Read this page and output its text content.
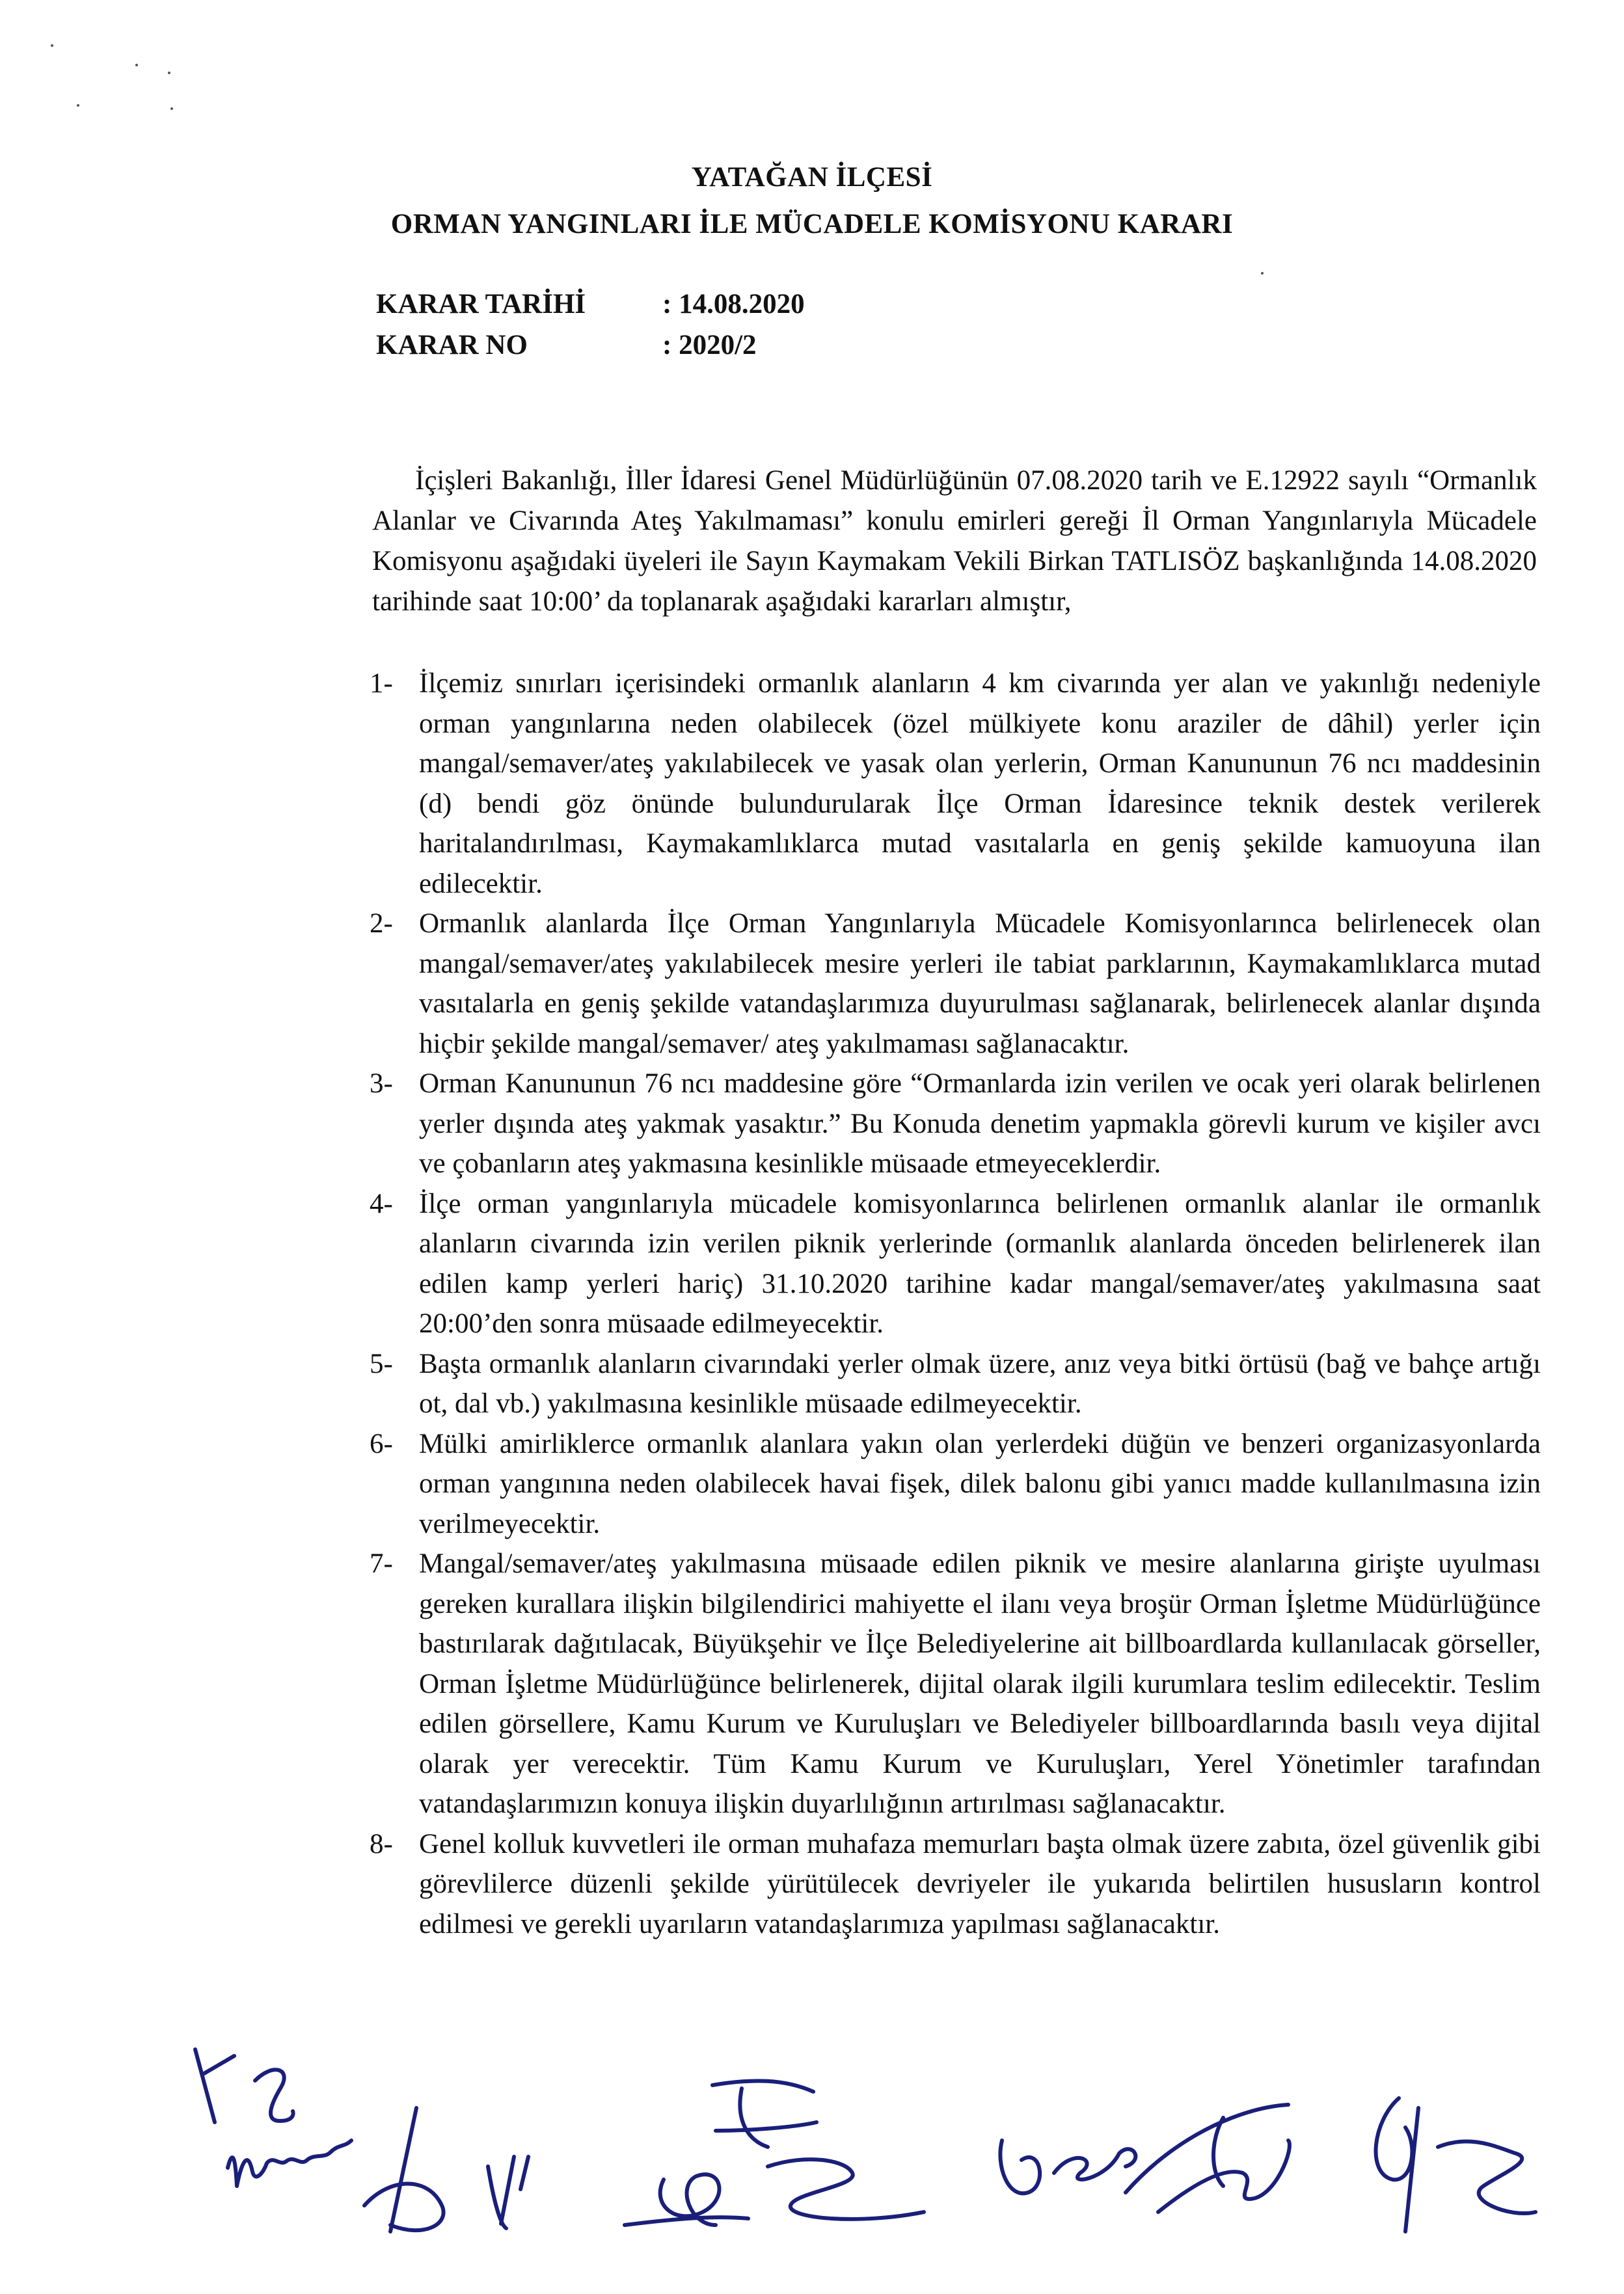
YATAĞAN İLÇESİ
ORMAN YANGINLARI İLE MÜCADELE KOMİSYONU KARARI
KARAR TARİHİ	: 14.08.2020
KARAR NO	: 2020/2

İçişleri Bakanlığı, İller İdaresi Genel Müdürlüğünün 07.08.2020 tarih ve E.12922 sayılı “Ormanlık Alanlar ve Civarında Ateş Yakılmaması” konulu emirleri gereği İl Orman Yangınlarıyla Mücadele Komisyonu aşağıdaki üyeleri ile Sayın Kaymakam Vekili Birkan TATLISÖZ başkanlığında 14.08.2020 tarihinde saat 10:00’ da toplanarak aşağıdaki kararları almıştır,

1- İlçemiz sınırları içerisindeki ormanlık alanların 4 km civarında yer alan ve yakınlığı nedeniyle orman yangınlarına neden olabilecek (özel mülkiyete konu araziler de dâhil) yerler için mangal/semaver/ateş yakılabilecek ve yasak olan yerlerin, Orman Kanununun 76 ncı maddesinin (d) bendi göz önünde bulundurularak İlçe Orman İdaresince teknik destek verilerek haritalandırılması, Kaymakamlıklarca mutad vasıtalarla en geniş şekilde kamuoyuna ilan edilecektir.
2- Ormanlık alanlarda İlçe Orman Yangınlarıyla Mücadele Komisyonlarınca belirlenecek olan mangal/semaver/ateş yakılabilecek mesire yerleri ile tabiat parklarının, Kaymakamlıklarca mutad vasıtalarla en geniş şekilde vatandaşlarımıza duyurulması sağlanarak, belirlenecek alanlar dışında hiçbir şekilde mangal/semaver/ ateş yakılmaması sağlanacaktır.
3- Orman Kanununun 76 ncı maddesine göre “Ormanlarda izin verilen ve ocak yeri olarak belirlenen yerler dışında ateş yakmak yasaktır.” Bu Konuda denetim yapmakla görevli kurum ve kişiler avcı ve çobanların ateş yakmasına kesinlikle müsaade etmeyeceklerdir.
4- İlçe orman yangınlarıyla mücadele komisyonlarınca belirlenen ormanlık alanlar ile ormanlık alanların civarında izin verilen piknik yerlerinde (ormanlık alanlarda önceden belirlenerek ilan edilen kamp yerleri hariç) 31.10.2020 tarihine kadar mangal/semaver/ateş yakılmasına saat 20:00’den sonra müsaade edilmeyecektir.
5- Başta ormanlık alanların civarındaki yerler olmak üzere, anız veya bitki örtüsü (bağ ve bahçe artığı ot, dal vb.) yakılmasına kesinlikle müsaade edilmeyecektir.
6- Mülki amirliklerce ormanlık alanlara yakın olan yerlerdeki düğün ve benzeri organizasyonlarda orman yangınına neden olabilecek havai fişek, dilek balonu gibi yanıcı madde kullanılmasına izin verilmeyecektir.
7- Mangal/semaver/ateş yakılmasına müsaade edilen piknik ve mesire alanlarına girişte uyulması gereken kurallara ilişkin bilgilendirici mahiyette el ilanı veya broşür Orman İşletme Müdürlüğünce bastırılarak dağıtılacak, Büyükşehir ve İlçe Belediyelerine ait billboardlarda kullanılacak görseller, Orman İşletme Müdürlüğünce belirlenerek, dijital olarak ilgili kurumlara teslim edilecektir. Teslim edilen görsellere, Kamu Kurum ve Kuruluşları ve Belediyeler billboardlarında basılı veya dijital olarak yer verecektir. Tüm Kamu Kurum ve Kuruluşları, Yerel Yönetimler tarafından vatandaşlarımızın konuya ilişkin duyarlılığının artırılması sağlanacaktır.
8- Genel kolluk kuvvetleri ile orman muhafaza memurları başta olmak üzere zabıta, özel güvenlik gibi görevlilerce düzenli şekilde yürütülecek devriyeler ile yukarıda belirtilen hususların kontrol edilmesi ve gerekli uyarıların vatandaşlarımıza yapılması sağlanacaktır.
